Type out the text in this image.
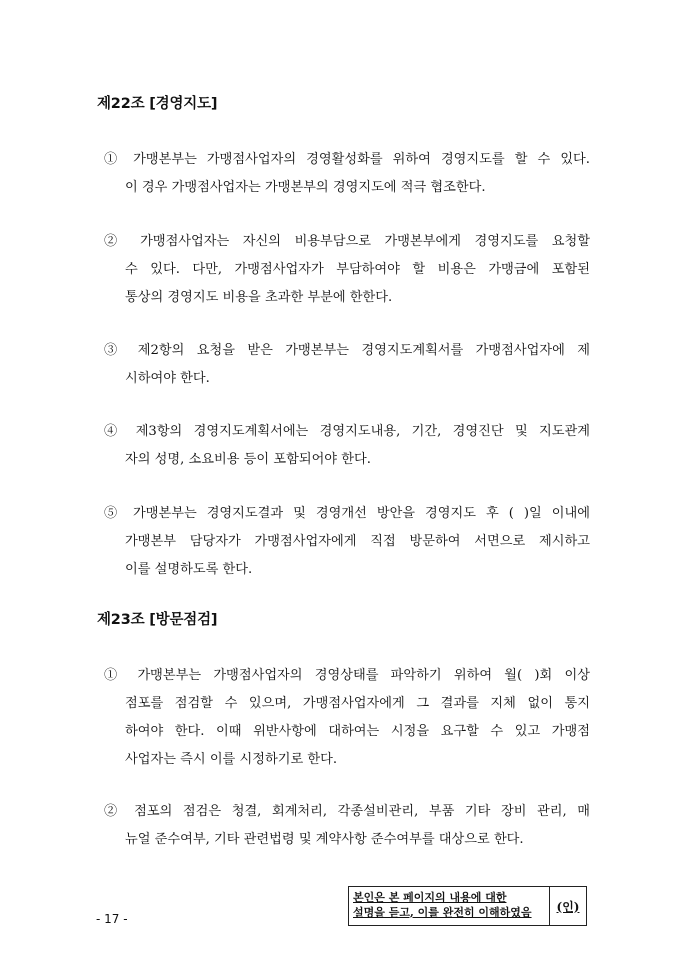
제22조 [경영지도]
① 가맹본부는 가맹점사업자의 경영활성화를 위하여 경영지도를 할 수 있다.
이 경우 가맹점사업자는 가맹본부의 경영지도에 적극 협조한다.
② 가맹점사업자는 자신의 비용부담으로 가맹본부에게 경영지도를 요청할
수 있다. 다만, 가맹점사업자가 부담하여야 할 비용은 가맹금에 포함된
통상의 경영지도 비용을 초과한 부분에 한한다.
③ 제2항의 요청을 받은 가맹본부는 경영지도계획서를 가맹점사업자에 제
시하여야 한다.
④ 제3항의 경영지도계획서에는 경영지도내용, 기간, 경영진단 및 지도관계
자의 성명, 소요비용 등이 포함되어야 한다.
⑤ 가맹본부는 경영지도결과 및 경영개선 방안을 경영지도 후 ( )일 이내에
가맹본부 담당자가 가맹점사업자에게 직접 방문하여 서면으로 제시하고
이를 설명하도록 한다.
제23조 [방문점검]
① 가맹본부는 가맹점사업자의 경영상태를 파악하기 위하여 월( )회 이상
점포를 점검할 수 있으며, 가맹점사업자에게 그 결과를 지체 없이 통지
하여야 한다. 이때 위반사항에 대하여는 시정을 요구할 수 있고 가맹점
사업자는 즉시 이를 시정하기로 한다.
② 점포의 점검은 청결, 회계처리, 각종설비관리, 부품 기타 장비 관리, 매
뉴얼 준수여부, 기타 관련법령 및 계약사항 준수여부를 대상으로 한다.
- 17 -
본인은 본 페이지의 내용에 대한
설명을 듣고, 이를 완전히 이해하였음	(인)
